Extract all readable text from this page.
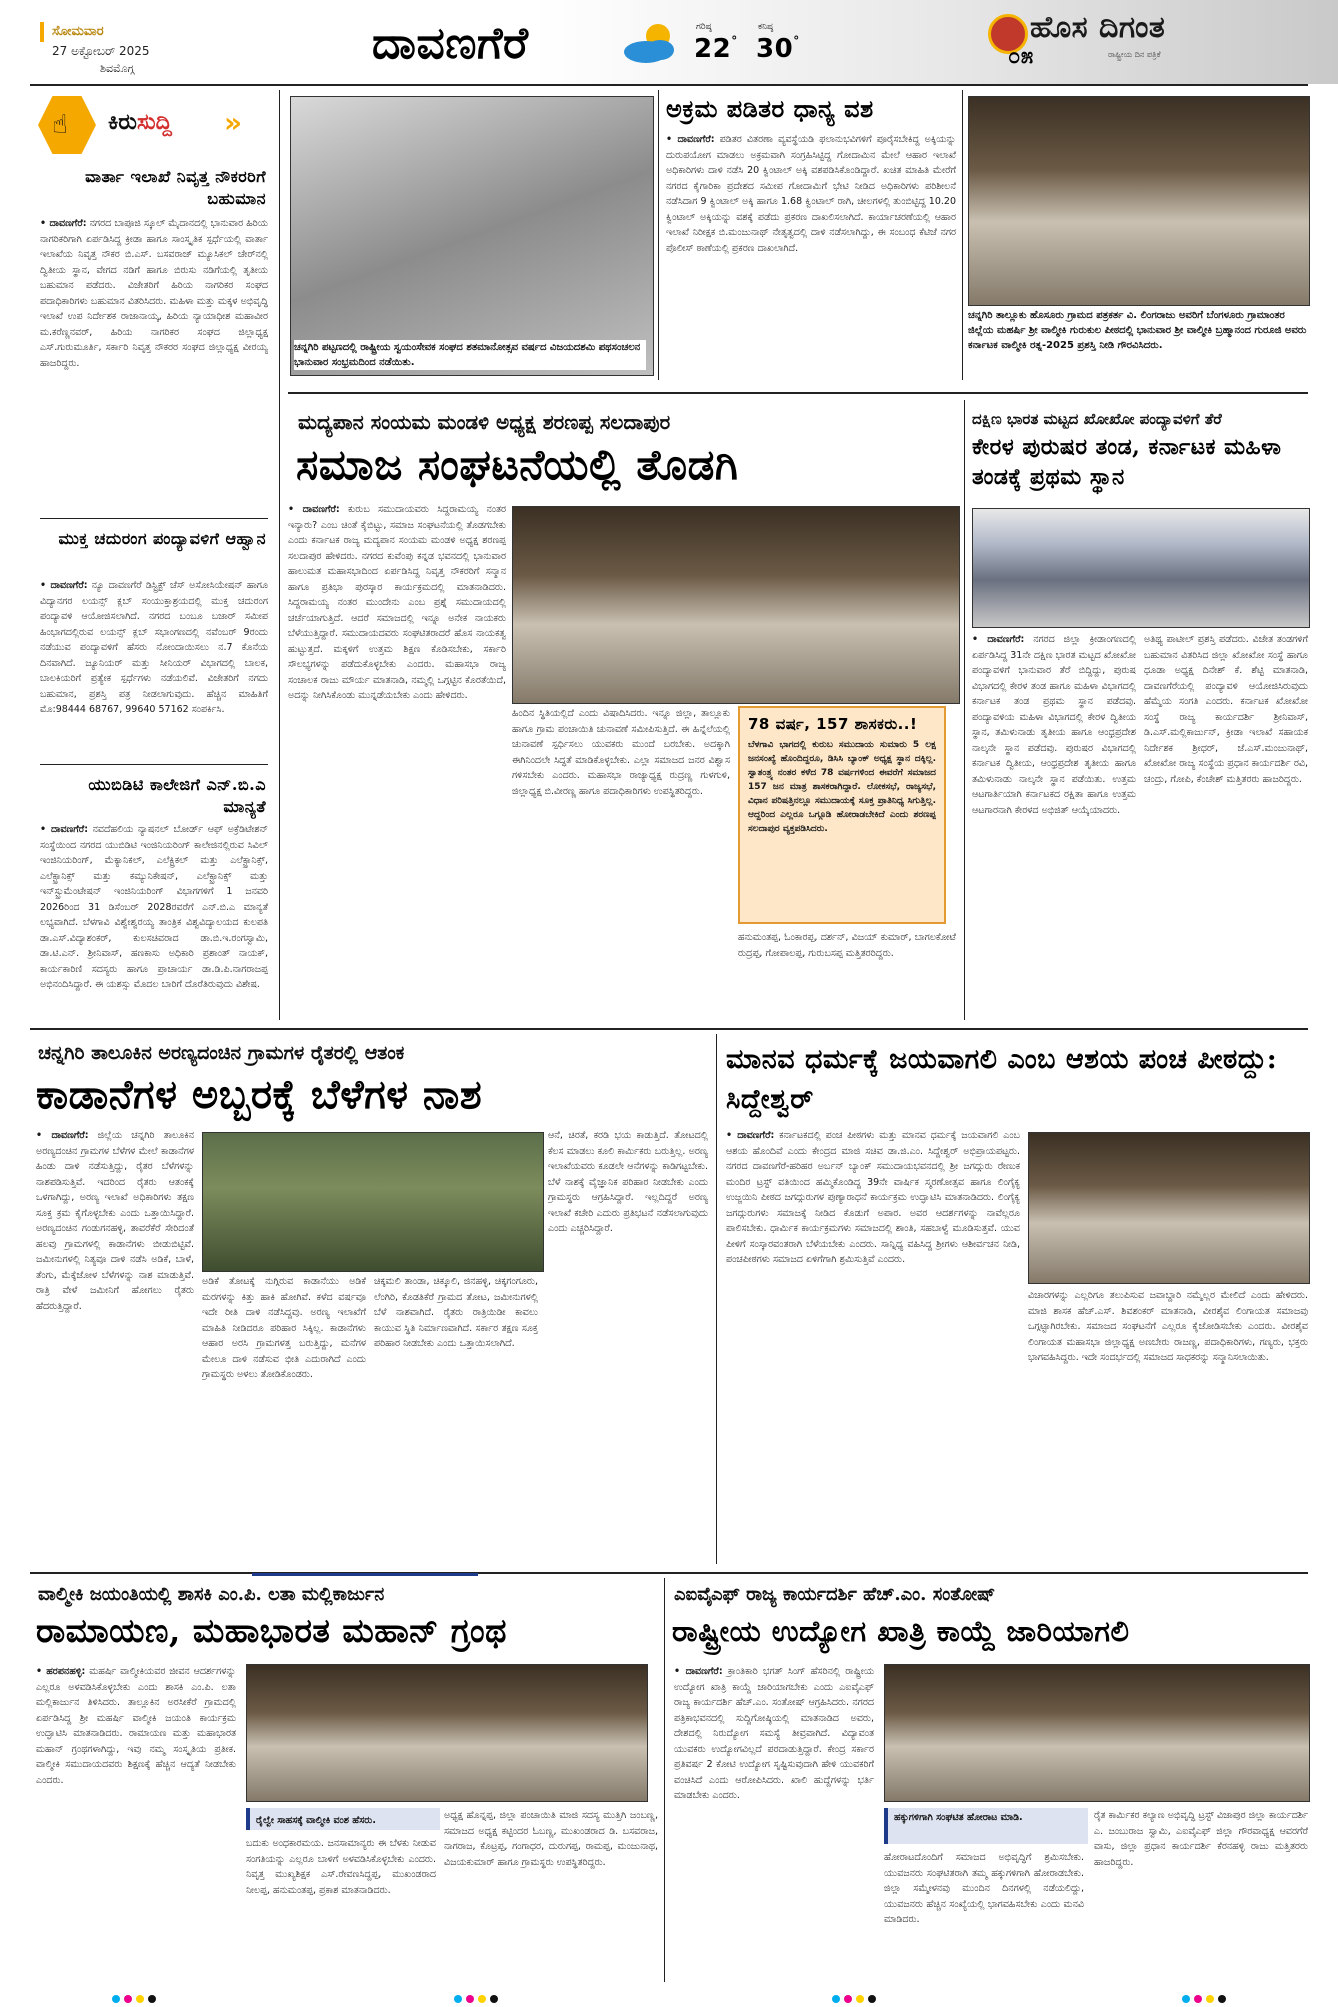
ಸೋಮವಾರ
27 ಅಕ್ಟೋಬರ್ 2025
ಶಿವಮೊಗ್ಗ	ದಾವಣಗೆರೆ	ಗರಿಷ್ಠ
22°
ಕನಿಷ್ಠ
30°	ಹೊಸ ದಿಗಂತ
ರಾಷ್ಟ್ರೀಯ ದಿನ ಪತ್ರಿಕೆ
೦೫
☝ ಕಿರುಸುದ್ದಿ »
ವಾರ್ತಾ ಇಲಾಖೆ ನಿವೃತ್ತ ನೌಕರರಿಗೆ ಬಹುಮಾನ
• ದಾವಣಗೆರೆ: ನಗರದ ಬಾಪೂಜಿ ಸ್ಕೂಲ್ ಮೈದಾನದಲ್ಲಿ ಭಾನುವಾರ ಹಿರಿಯ ನಾಗರಿಕರಿಗಾಗಿ ಏರ್ಪಡಿಸಿದ್ದ ಕ್ರೀಡಾ ಹಾಗೂ ಸಾಂಸ್ಕೃತಿಕ ಸ್ಪರ್ಧೆಯಲ್ಲಿ ವಾರ್ತಾ ಇಲಾಖೆಯ ನಿವೃತ್ತ ನೌಕರ ಬಿ.ಎಸ್. ಬಸವರಾಜ್ ಮ್ಯೂಸಿಕಲ್ ಚೇರ್‌ನಲ್ಲಿ ದ್ವಿತೀಯ ಸ್ಥಾನ, ವೇಗದ ನಡಿಗೆ ಹಾಗೂ ಬಿರುಸು ನಡಿಗೆಯಲ್ಲಿ ತೃತೀಯ ಬಹುಮಾನ ಪಡೆದರು. ವಿಜೇತರಿಗೆ ಹಿರಿಯ ನಾಗರಿಕರ ಸಂಘದ ಪದಾಧಿಕಾರಿಗಳು ಬಹುಮಾನ ವಿತರಿಸಿದರು. ಮಹಿಳಾ ಮತ್ತು ಮಕ್ಕಳ ಅಭಿವೃದ್ಧಿ ಇಲಾಖೆ ಉಪ ನಿರ್ದೇಶಕ ರಾಜಾನಾಯ್ಕ, ಹಿರಿಯ ನ್ಯಾಯಾಧೀಶ ಮಹಾವೀರ ಮ.ಕರೆಣ್ಣನವರ್, ಹಿರಿಯ ನಾಗರಿಕರ ಸಂಘದ ಜಿಲ್ಲಾಧ್ಯಕ್ಷ ಎಸ್.ಗುರುಮೂರ್ತಿ, ಸರ್ಕಾರಿ ನಿವೃತ್ತ ನೌಕರರ ಸಂಘದ ಜಿಲ್ಲಾಧ್ಯಕ್ಷ ವೀರಯ್ಯ ಹಾಜರಿದ್ದರು.
ಮುಕ್ತ ಚದುರಂಗ ಪಂದ್ಯಾವಳಿಗೆ ಆಹ್ವಾನ
• ದಾವಣಗೆರೆ: ನ್ಯೂ ದಾವಣಗೆರೆ ಡಿಸ್ಟ್ರಿಕ್ಟ್ ಚೆಸ್ ಅಸೋಸಿಯೇಷನ್ ಹಾಗೂ ವಿದ್ಯಾನಗರ ಲಯನ್ಸ್ ಕ್ಲಬ್ ಸಂಯುಕ್ತಾಶ್ರಯದಲ್ಲಿ ಮುಕ್ತ ಚದುರಂಗ ಪಂದ್ಯಾವಳಿ ಆಯೋಜಿಸಲಾಗಿದೆ. ನಗರದ ಬಂಬೂ ಬಜಾರ್ ಸಮೀಪ ಹಿಂಭಾಗದಲ್ಲಿರುವ ಲಯನ್ಸ್ ಕ್ಲಬ್ ಸಭಾಂಗಣದಲ್ಲಿ ನವೆಂಬರ್ 9ರಂದು ನಡೆಯುವ ಪಂದ್ಯಾವಳಿಗೆ ಹೆಸರು ನೋಂದಾಯಿಸಲು ನ.7 ಕೊನೆಯ ದಿನವಾಗಿದೆ. ಜ್ಯೂನಿಯರ್ ಮತ್ತು ಸೀನಿಯರ್ ವಿಭಾಗದಲ್ಲಿ ಬಾಲಕ, ಬಾಲಕಿಯರಿಗೆ ಪ್ರತ್ಯೇಕ ಸ್ಪರ್ಧೆಗಳು ನಡೆಯಲಿವೆ. ವಿಜೇತರಿಗೆ ನಗದು ಬಹುಮಾನ, ಪ್ರಶಸ್ತಿ ಪತ್ರ ನೀಡಲಾಗುವುದು. ಹೆಚ್ಚಿನ ಮಾಹಿತಿಗೆ ಮೊ:98444 68767, 99640 57162 ಸಂಪರ್ಕಿಸಿ.
ಯುಬಿಡಿಟಿ ಕಾಲೇಜಿಗೆ ಎನ್.ಬಿ.ಎ ಮಾನ್ಯತೆ
• ದಾವಣಗೆರೆ: ನವದೆಹಲಿಯ ನ್ಯಾಷನಲ್ ಬೋರ್ಡ್ ಆಫ್ ಅಕ್ರೆಡಿಟೇಶನ್ ಸಂಸ್ಥೆಯಿಂದ ನಗರದ ಯುಬಿಡಿಟಿ ಇಂಜಿನಿಯರಿಂಗ್ ಕಾಲೇಜಿನಲ್ಲಿರುವ ಸಿವಿಲ್ ಇಂಜಿನಿಯರಿಂಗ್, ಮೆಕ್ಯಾನಿಕಲ್, ಎಲೆಕ್ಟ್ರಿಕಲ್ ಮತ್ತು ಎಲೆಕ್ಟ್ರಾನಿಕ್ಸ್, ಎಲೆಕ್ಟ್ರಾನಿಕ್ಸ್ ಮತ್ತು ಕಮ್ಯುನಿಕೇಷನ್, ಎಲೆಕ್ಟ್ರಾನಿಕ್ಸ್ ಮತ್ತು ಇನ್‌ಸ್ಟ್ರುಮೆಂಟೇಷನ್ ಇಂಜಿನಿಯರಿಂಗ್ ವಿಭಾಗಗಳಿಗೆ 1 ಜನವರಿ 2026ರಿಂದ 31 ಡಿಸೆಂಬರ್ 2028ರವರೆಗೆ ಎನ್.ಬಿ.ಎ ಮಾನ್ಯತೆ ಲಭ್ಯವಾಗಿದೆ. ಬೆಳಗಾವಿ ವಿಶ್ವೇಶ್ವರಯ್ಯ ತಾಂತ್ರಿಕ ವಿಶ್ವವಿದ್ಯಾಲಯದ ಕುಲಪತಿ ಡಾ.ಎಸ್.ವಿದ್ಯಾಶಂಕರ್, ಕುಲಸಚಿವರಾದ ಡಾ.ಬಿ.ಇ.ರಂಗಸ್ವಾಮಿ, ಡಾ.ಟಿ.ಎನ್. ಶ್ರೀನಿವಾಸ್, ಹಣಕಾಸು ಅಧಿಕಾರಿ ಪ್ರಶಾಂತ್ ನಾಯಕ್, ಕಾರ್ಯಕಾರಿಣಿ ಸದಸ್ಯರು ಹಾಗೂ ಪ್ರಾಚಾರ್ಯ ಡಾ.ಡಿ.ಪಿ.ನಾಗರಾಜಪ್ಪ ಅಭಿನಂದಿಸಿದ್ದಾರೆ. ಈ ಯಶಸ್ಸು ಮೊದಲ ಬಾರಿಗೆ ದೊರೆತಿರುವುದು ವಿಶೇಷ.
ಚನ್ನಗಿರಿ ಪಟ್ಟಣದಲ್ಲಿ ರಾಷ್ಟ್ರೀಯ ಸ್ವಯಂಸೇವಕ ಸಂಘದ ಶತಮಾನೋತ್ಸವ ವರ್ಷದ ವಿಜಯದಶಮಿ ಪಥಸಂಚಲನ ಭಾನುವಾರ ಸಂಭ್ರಮದಿಂದ ನಡೆಯಿತು.
ಅಕ್ರಮ ಪಡಿತರ ಧಾನ್ಯ ವಶ
• ದಾವಣಗೆರೆ: ಪಡಿತರ ವಿತರಣಾ ವ್ಯವಸ್ಥೆಯಡಿ ಫಲಾನುಭವಿಗಳಿಗೆ ಪೂರೈಸಬೇಕಿದ್ದ ಅಕ್ಕಿಯನ್ನು ದುರುಪಯೋಗ ಮಾಡಲು ಅಕ್ರಮವಾಗಿ ಸಂಗ್ರಹಿಸಿಟ್ಟಿದ್ದ ಗೋದಾಮಿನ ಮೇಲೆ ಆಹಾರ ಇಲಾಖೆ ಅಧಿಕಾರಿಗಳು ದಾಳಿ ನಡೆಸಿ 20 ಕ್ವಿಂಟಾಲ್ ಅಕ್ಕಿ ವಶಪಡಿಸಿಕೊಂಡಿದ್ದಾರೆ. ಖಚಿತ ಮಾಹಿತಿ ಮೇರೆಗೆ ನಗರದ ಕೈಗಾರಿಕಾ ಪ್ರದೇಶದ ಸಮೀಪ ಗೋದಾಮಿಗೆ ಭೇಟಿ ನೀಡಿದ ಅಧಿಕಾರಿಗಳು ಪರಿಶೀಲನೆ ನಡೆಸಿದಾಗ 9 ಕ್ವಿಂಟಾಲ್ ಅಕ್ಕಿ ಹಾಗೂ 1.68 ಕ್ವಿಂಟಾಲ್ ರಾಗಿ, ಚೀಲಗಳಲ್ಲಿ ತುಂಬಿಟ್ಟಿದ್ದ 10.20 ಕ್ವಿಂಟಾಲ್ ಅಕ್ಕಿಯನ್ನು ವಶಕ್ಕೆ ಪಡೆದು ಪ್ರಕರಣ ದಾಖಲಿಸಲಾಗಿದೆ. ಕಾರ್ಯಾಚರಣೆಯಲ್ಲಿ ಆಹಾರ ಇಲಾಖೆ ನಿರೀಕ್ಷಕ ಬಿ.ಮಂಜುನಾಥ್ ನೇತೃತ್ವದಲ್ಲಿ ದಾಳಿ ನಡೆಸಲಾಗಿದ್ದು, ಈ ಸಂಬಂಧ ಕೆಟಿಜೆ ನಗರ ಪೊಲೀಸ್ ಠಾಣೆಯಲ್ಲಿ ಪ್ರಕರಣ ದಾಖಲಾಗಿದೆ.
ಚನ್ನಗಿರಿ ತಾಲ್ಲೂಕು ಹೊಸೂರು ಗ್ರಾಮದ ಪತ್ರಕರ್ತ ವಿ. ಲಿಂಗರಾಜು ಅವರಿಗೆ ಬೆಂಗಳೂರು ಗ್ರಾಮಾಂತರ ಜಿಲ್ಲೆಯ ಮಹರ್ಷಿ ಶ್ರೀ ವಾಲ್ಮೀಕಿ ಗುರುಕುಲ ಪೀಠದಲ್ಲಿ ಭಾನುವಾರ ಶ್ರೀ ವಾಲ್ಮೀಕಿ ಬ್ರಹ್ಮಾನಂದ ಗುರೂಜಿ ಅವರು ಕರ್ನಾಟಕ ವಾಲ್ಮೀಕಿ ರತ್ನ-2025 ಪ್ರಶಸ್ತಿ ನೀಡಿ ಗೌರವಿಸಿದರು.
ಮದ್ಯಪಾನ ಸಂಯಮ ಮಂಡಳಿ ಅಧ್ಯಕ್ಷ ಶರಣಪ್ಪ ಸಲದಾಪುರ
ಸಮಾಜ ಸಂಘಟನೆಯಲ್ಲಿ ತೊಡಗಿ
• ದಾವಣಗೆರೆ: ಕುರುಬ ಸಮುದಾಯವರು ಸಿದ್ದರಾಮಯ್ಯ ನಂತರ ಇನ್ಯಾರು? ಎಂಬ ಚಿಂತೆ ಕೈಬಿಟ್ಟು, ಸಮಾಜ ಸಂಘಟನೆಯಲ್ಲಿ ತೊಡಗಬೇಕು ಎಂದು ಕರ್ನಾಟಕ ರಾಜ್ಯ ಮದ್ಯಪಾನ ಸಂಯಮ ಮಂಡಳಿ ಅಧ್ಯಕ್ಷ ಶರಣಪ್ಪ ಸಲದಾಪುರ ಹೇಳಿದರು. ನಗರದ ಕುವೆಂಪು ಕನ್ನಡ ಭವನದಲ್ಲಿ ಭಾನುವಾರ ಹಾಲುಮತ ಮಹಾಸಭಾದಿಂದ ಏರ್ಪಡಿಸಿದ್ದ ನಿವೃತ್ತ ನೌಕರರಿಗೆ ಸನ್ಮಾನ ಹಾಗೂ ಪ್ರತಿಭಾ ಪುರಸ್ಕಾರ ಕಾರ್ಯಕ್ರಮದಲ್ಲಿ ಮಾತನಾಡಿದರು. ಸಿದ್ದರಾಮಯ್ಯ ನಂತರ ಮುಂದೇನು ಎಂಬ ಪ್ರಶ್ನೆ ಸಮುದಾಯದಲ್ಲಿ ಚರ್ಚೆಯಾಗುತ್ತಿದೆ. ಆದರೆ ಸಮಾಜದಲ್ಲಿ ಇನ್ನೂ ಅನೇಕ ನಾಯಕರು ಬೆಳೆಯುತ್ತಿದ್ದಾರೆ. ಸಮುದಾಯದವರು ಸಂಘಟಿತರಾದರೆ ಹೊಸ ನಾಯಕತ್ವ ಹುಟ್ಟುತ್ತದೆ. ಮಕ್ಕಳಿಗೆ ಉತ್ತಮ ಶಿಕ್ಷಣ ಕೊಡಿಸಬೇಕು, ಸರ್ಕಾರಿ ಸೌಲಭ್ಯಗಳನ್ನು ಪಡೆದುಕೊಳ್ಳಬೇಕು ಎಂದರು. ಮಹಾಸಭಾ ರಾಜ್ಯ ಸಂಚಾಲಕ ರಾಜು ಮೌರ್ಯ ಮಾತನಾಡಿ, ನಮ್ಮಲ್ಲಿ ಒಗ್ಗಟ್ಟಿನ ಕೊರತೆಯಿದೆ, ಅದನ್ನು ನೀಗಿಸಿಕೊಂಡು ಮುನ್ನಡೆಯಬೇಕು ಎಂದು ಹೇಳಿದರು.
ಹಿಂದಿನ ಸ್ಥಿತಿಯಲ್ಲಿದೆ ಎಂದು ವಿಷಾದಿಸಿದರು. ಇನ್ನೂ ಜಿಲ್ಲಾ, ತಾಲ್ಲೂಕು ಹಾಗೂ ಗ್ರಾಮ ಪಂಚಾಯಿತಿ ಚುನಾವಣೆ ಸಮೀಪಿಸುತ್ತಿದೆ. ಈ ಹಿನ್ನೆಲೆಯಲ್ಲಿ ಚುನಾವಣೆ ಸ್ಪರ್ಧಿಸಲು ಯುವಕರು ಮುಂದೆ ಬರಬೇಕು. ಅದಕ್ಕಾಗಿ ಈಗಿನಿಂದಲೇ ಸಿದ್ಧತೆ ಮಾಡಿಕೊಳ್ಳಬೇಕು. ಎಲ್ಲಾ ಸಮಾಜದ ಜನರ ವಿಶ್ವಾಸ ಗಳಿಸಬೇಕು ಎಂದರು. ಮಹಾಸಭಾ ರಾಜ್ಯಾಧ್ಯಕ್ಷ ರುದ್ರಣ್ಣ ಗುಳಗುಳಿ, ಜಿಲ್ಲಾಧ್ಯಕ್ಷ ಬಿ.ವೀರಣ್ಣ ಹಾಗೂ ಪದಾಧಿಕಾರಿಗಳು ಉಪಸ್ಥಿತರಿದ್ದರು.
78 ವರ್ಷ, 157 ಶಾಸಕರು..!
ಬೆಳಗಾವಿ ಭಾಗದಲ್ಲಿ ಕುರುಬ ಸಮುದಾಯ ಸುಮಾರು 5 ಲಕ್ಷ ಜನಸಂಖ್ಯೆ ಹೊಂದಿದ್ದರೂ, ಡಿಸಿಸಿ ಬ್ಯಾಂಕ್ ಅಧ್ಯಕ್ಷ ಸ್ಥಾನ ದಕ್ಕಿಲ್ಲ. ಸ್ವಾತಂತ್ರ್ಯ ನಂತರ ಕಳೆದ 78 ವರ್ಷಗಳಿಂದ ಈವರೆಗೆ ಸಮಾಜದ 157 ಜನ ಮಾತ್ರ ಶಾಸಕರಾಗಿದ್ದಾರೆ. ಲೋಕಸಭೆ, ರಾಜ್ಯಸಭೆ, ವಿಧಾನ ಪರಿಷತ್ತಿನಲ್ಲೂ ಸಮುದಾಯಕ್ಕೆ ಸೂಕ್ತ ಪ್ರಾತಿನಿಧ್ಯ ಸಿಗುತ್ತಿಲ್ಲ. ಆದ್ದರಿಂದ ಎಲ್ಲರೂ ಒಗ್ಗೂಡಿ ಹೋರಾಡಬೇಕಿದೆ ಎಂದು ಶರಣಪ್ಪ ಸಲದಾಪುರ ವ್ಯಕ್ತಪಡಿಸಿದರು.
ಹನುಮಂತಪ್ಪ, ಓಂಕಾರಪ್ಪ, ದರ್ಶನ್, ವಿಜಯ್ ಕುಮಾರ್, ಬಾಗಲಕೋಟೆ ರುದ್ರಪ್ಪ, ಗೋಪಾಲಪ್ಪ, ಗುರುಬಸಪ್ಪ ಮತ್ತಿತರರಿದ್ದರು.
ದಕ್ಷಿಣ ಭಾರತ ಮಟ್ಟದ ಖೋಖೋ ಪಂದ್ಯಾವಳಿಗೆ ತೆರೆ
ಕೇರಳ ಪುರುಷರ ತಂಡ, ಕರ್ನಾಟಕ ಮಹಿಳಾ ತಂಡಕ್ಕೆ ಪ್ರಥಮ ಸ್ಥಾನ
• ದಾವಣಗೆರೆ: ನಗರದ ಜಿಲ್ಲಾ ಕ್ರೀಡಾಂಗಣದಲ್ಲಿ ಏರ್ಪಡಿಸಿದ್ದ 31ನೇ ದಕ್ಷಿಣ ಭಾರತ ಮಟ್ಟದ ಖೋಖೋ ಪಂದ್ಯಾವಳಿಗೆ ಭಾನುವಾರ ತೆರೆ ಬಿದ್ದಿದ್ದು, ಪುರುಷ ವಿಭಾಗದಲ್ಲಿ ಕೇರಳ ತಂಡ ಹಾಗೂ ಮಹಿಳಾ ವಿಭಾಗದಲ್ಲಿ ಕರ್ನಾಟಕ ತಂಡ ಪ್ರಥಮ ಸ್ಥಾನ ಪಡೆದವು. ಪಂದ್ಯಾವಳಿಯ ಮಹಿಳಾ ವಿಭಾಗದಲ್ಲಿ ಕೇರಳ ದ್ವಿತೀಯ ಸ್ಥಾನ, ತಮಿಳುನಾಡು ತೃತೀಯ ಹಾಗೂ ಆಂಧ್ರಪ್ರದೇಶ ನಾಲ್ಕನೇ ಸ್ಥಾನ ಪಡೆದವು. ಪುರುಷರ ವಿಭಾಗದಲ್ಲಿ ಕರ್ನಾಟಕ ದ್ವಿತೀಯ, ಆಂಧ್ರಪ್ರದೇಶ ತೃತೀಯ ಹಾಗೂ ತಮಿಳುನಾಡು ನಾಲ್ಕನೇ ಸ್ಥಾನ ಪಡೆಯಿತು. ಉತ್ತಮ ಆಟಗಾರ್ತಿಯಾಗಿ ಕರ್ನಾಟಕದ ರಕ್ಷಿತಾ ಹಾಗೂ ಉತ್ತಮ ಆಟಗಾರನಾಗಿ ಕೇರಳದ ಅಭಿಜಿತ್ ಆಯ್ಕೆಯಾದರು.
ಅತಿಥ್ಯ ಪಾಟೀಲ್ ಪ್ರಶಸ್ತಿ ಪಡೆದರು. ವಿಜೇತ ತಂಡಗಳಿಗೆ ಬಹುಮಾನ ವಿತರಿಸಿದ ಜಿಲ್ಲಾ ಖೋಖೋ ಸಂಸ್ಥೆ ಹಾಗೂ ಧೂಡಾ ಅಧ್ಯಕ್ಷ ದಿನೇಶ್ ಕೆ. ಶೆಟ್ಟಿ ಮಾತನಾಡಿ, ದಾವಣಗೆರೆಯಲ್ಲಿ ಪಂದ್ಯಾವಳಿ ಆಯೋಜಿಸಿರುವುದು ಹೆಮ್ಮೆಯ ಸಂಗತಿ ಎಂದರು. ಕರ್ನಾಟಕ ಖೋಖೋ ಸಂಸ್ಥೆ ರಾಜ್ಯ ಕಾರ್ಯದರ್ಶಿ ಶ್ರೀನಿವಾಸ್, ಡಿ.ಎಸ್.ಮಲ್ಲಿಕಾರ್ಜುನ್, ಕ್ರೀಡಾ ಇಲಾಖೆ ಸಹಾಯಕ ನಿರ್ದೇಶಕ ಶ್ರೀಧರ್, ಜೆ.ಎಸ್.ಮಂಜುನಾಥ್, ಖೋಖೋ ರಾಜ್ಯ ಸಂಸ್ಥೆಯ ಪ್ರಧಾನ ಕಾರ್ಯದರ್ಶಿ ರವಿ, ಚಂದ್ರು, ಗೋಪಿ, ಕೆಂಚೇಶ್ ಮತ್ತಿತರರು ಹಾಜರಿದ್ದರು.
ಚನ್ನಗಿರಿ ತಾಲೂಕಿನ ಅರಣ್ಯದಂಚಿನ ಗ್ರಾಮಗಳ ರೈತರಲ್ಲಿ ಆತಂಕ
ಕಾಡಾನೆಗಳ ಅಬ್ಬರಕ್ಕೆ ಬೆಳೆಗಳ ನಾಶ
• ದಾವಣಗೆರೆ: ಜಿಲ್ಲೆಯ ಚನ್ನಗಿರಿ ತಾಲೂಕಿನ ಅರಣ್ಯದಂಚಿನ ಗ್ರಾಮಗಳ ಬೆಳೆಗಳ ಮೇಲೆ ಕಾಡಾನೆಗಳ ಹಿಂಡು ದಾಳಿ ನಡೆಸುತ್ತಿದ್ದು, ರೈತರ ಬೆಳೆಗಳನ್ನು ನಾಶಪಡಿಸುತ್ತಿವೆ. ಇದರಿಂದ ರೈತರು ಆತಂಕಕ್ಕೆ ಒಳಗಾಗಿದ್ದು, ಅರಣ್ಯ ಇಲಾಖೆ ಅಧಿಕಾರಿಗಳು ತಕ್ಷಣ ಸೂಕ್ತ ಕ್ರಮ ಕೈಗೊಳ್ಳಬೇಕು ಎಂದು ಒತ್ತಾಯಿಸಿದ್ದಾರೆ. ಅರಣ್ಯದಂಚಿನ ಗಂಡುಗನಹಳ್ಳಿ, ತಾವರೆಕೆರೆ ಸೇರಿದಂತೆ ಹಲವು ಗ್ರಾಮಗಳಲ್ಲಿ ಕಾಡಾನೆಗಳು ಬೀಡುಬಿಟ್ಟಿವೆ. ಜಮೀನುಗಳಲ್ಲಿ ನಿತ್ಯವೂ ದಾಳಿ ನಡೆಸಿ ಅಡಿಕೆ, ಬಾಳೆ, ತೆಂಗು, ಮೆಕ್ಕೆಜೋಳ ಬೆಳೆಗಳನ್ನು ನಾಶ ಮಾಡುತ್ತಿವೆ. ರಾತ್ರಿ ವೇಳೆ ಜಮೀನಿಗೆ ಹೋಗಲು ರೈತರು ಹೆದರುತ್ತಿದ್ದಾರೆ.
ಅಡಿಕೆ ತೋಟಕ್ಕೆ ನುಗ್ಗಿರುವ ಕಾಡಾನೆಯು ಅಡಿಕೆ ಮರಗಳನ್ನು ಕಿತ್ತು ಹಾಕಿ ಹೋಗಿವೆ. ಕಳೆದ ವರ್ಷವೂ ಇದೇ ರೀತಿ ದಾಳಿ ನಡೆಸಿದ್ದವು. ಅರಣ್ಯ ಇಲಾಖೆಗೆ ಮಾಹಿತಿ ನೀಡಿದರೂ ಪರಿಹಾರ ಸಿಕ್ಕಿಲ್ಲ. ಕಾಡಾನೆಗಳು ಆಹಾರ ಅರಸಿ ಗ್ರಾಮಗಳತ್ತ ಬರುತ್ತಿದ್ದು, ಮನೆಗಳ ಮೇಲೂ ದಾಳಿ ನಡೆಸುವ ಭೀತಿ ಎದುರಾಗಿದೆ ಎಂದು ಗ್ರಾಮಸ್ಥರು ಅಳಲು ತೋಡಿಕೊಂಡರು.
ಚಿಕ್ಕಮಲಿ ತಾಂಡಾ, ಚಿಕ್ಕೂಲಿ, ಜಿನಹಳ್ಳಿ, ಚಿಕ್ಕಗಂಗೂರು, ಲೆಂಗಿರಿ, ಕೊಡತಿಕೆರೆ ಗ್ರಾಮದ ತೋಟ, ಜಮೀನುಗಳಲ್ಲಿ ಬೆಳೆ ನಾಶವಾಗಿದೆ. ರೈತರು ರಾತ್ರಿಯಿಡೀ ಕಾವಲು ಕಾಯುವ ಸ್ಥಿತಿ ನಿರ್ಮಾಣವಾಗಿದೆ. ಸರ್ಕಾರ ತಕ್ಷಣ ಸೂಕ್ತ ಪರಿಹಾರ ನೀಡಬೇಕು ಎಂದು ಒತ್ತಾಯಿಸಲಾಗಿದೆ.
ಆನೆ, ಚಿರತೆ, ಕರಡಿ ಭಯ ಕಾಡುತ್ತಿದೆ. ತೋಟದಲ್ಲಿ ಕೆಲಸ ಮಾಡಲು ಕೂಲಿ ಕಾರ್ಮಿಕರು ಬರುತ್ತಿಲ್ಲ. ಅರಣ್ಯ ಇಲಾಖೆಯವರು ಕೂಡಲೇ ಆನೆಗಳನ್ನು ಕಾಡಿಗಟ್ಟಬೇಕು. ಬೆಳೆ ನಾಶಕ್ಕೆ ವೈಜ್ಞಾನಿಕ ಪರಿಹಾರ ನೀಡಬೇಕು ಎಂದು ಗ್ರಾಮಸ್ಥರು ಆಗ್ರಹಿಸಿದ್ದಾರೆ. ಇಲ್ಲದಿದ್ದರೆ ಅರಣ್ಯ ಇಲಾಖೆ ಕಚೇರಿ ಎದುರು ಪ್ರತಿಭಟನೆ ನಡೆಸಲಾಗುವುದು ಎಂದು ಎಚ್ಚರಿಸಿದ್ದಾರೆ.
ಮಾನವ ಧರ್ಮಕ್ಕೆ ಜಯವಾಗಲಿ ಎಂಬ ಆಶಯ ಪಂಚ ಪೀಠದ್ದು: ಸಿದ್ದೇಶ್ವರ್
• ದಾವಣಗೆರೆ: ಕರ್ನಾಟಕದಲ್ಲಿ ಪಂಚ ಪೀಠಗಳು ಮತ್ತು ಮಾನವ ಧರ್ಮಕ್ಕೆ ಜಯವಾಗಲಿ ಎಂಬ ಆಶಯ ಹೊಂದಿವೆ ಎಂದು ಕೇಂದ್ರದ ಮಾಜಿ ಸಚಿವ ಡಾ.ಜಿ.ಎಂ. ಸಿದ್ದೇಶ್ವರ್ ಅಭಿಪ್ರಾಯಪಟ್ಟರು. ನಗರದ ದಾವಣಗೆರೆ-ಹರಿಹರ ಅರ್ಬನ್ ಬ್ಯಾಂಕ್ ಸಮುದಾಯಭವನದಲ್ಲಿ ಶ್ರೀ ಜಗದ್ಗುರು ರೇಣುಕ ಮಂದಿರ ಟ್ರಸ್ಟ್ ವತಿಯಿಂದ ಹಮ್ಮಿಕೊಂಡಿದ್ದ 39ನೇ ವಾರ್ಷಿಕ ಸ್ಮರಣೋತ್ಸವ ಹಾಗೂ ಲಿಂಗೈಕ್ಯ ಉಜ್ಜಯಿನಿ ಪೀಠದ ಜಗದ್ಗುರುಗಳ ಪುಣ್ಯಾರಾಧನೆ ಕಾರ್ಯಕ್ರಮ ಉದ್ಘಾಟಿಸಿ ಮಾತನಾಡಿದರು. ಲಿಂಗೈಕ್ಯ ಜಗದ್ಗುರುಗಳು ಸಮಾಜಕ್ಕೆ ನೀಡಿದ ಕೊಡುಗೆ ಅಪಾರ. ಅವರ ಆದರ್ಶಗಳನ್ನು ನಾವೆಲ್ಲರೂ ಪಾಲಿಸಬೇಕು. ಧಾರ್ಮಿಕ ಕಾರ್ಯಕ್ರಮಗಳು ಸಮಾಜದಲ್ಲಿ ಶಾಂತಿ, ಸಹಬಾಳ್ವೆ ಮೂಡಿಸುತ್ತವೆ. ಯುವ ಪೀಳಿಗೆ ಸಂಸ್ಕಾರವಂತರಾಗಿ ಬೆಳೆಯಬೇಕು ಎಂದರು. ಸಾನ್ನಿಧ್ಯ ವಹಿಸಿದ್ದ ಶ್ರೀಗಳು ಆಶೀರ್ವಚನ ನೀಡಿ, ಪಂಚಪೀಠಗಳು ಸಮಾಜದ ಏಳಿಗೆಗಾಗಿ ಶ್ರಮಿಸುತ್ತಿವೆ ಎಂದರು.
ವಿಚಾರಗಳನ್ನು ಎಲ್ಲರಿಗೂ ತಲುಪಿಸುವ ಜವಾಬ್ದಾರಿ ನಮ್ಮೆಲ್ಲರ ಮೇಲಿದೆ ಎಂದು ಹೇಳಿದರು. ಮಾಜಿ ಶಾಸಕ ಹೆಚ್.ಎಸ್. ಶಿವಶಂಕರ್ ಮಾತನಾಡಿ, ವೀರಶೈವ ಲಿಂಗಾಯತ ಸಮಾಜವು ಒಗ್ಗಟ್ಟಾಗಿರಬೇಕು. ಸಮಾಜದ ಸಂಘಟನೆಗೆ ಎಲ್ಲರೂ ಕೈಜೋಡಿಸಬೇಕು ಎಂದರು. ವೀರಶೈವ ಲಿಂಗಾಯತ ಮಹಾಸಭಾ ಜಿಲ್ಲಾಧ್ಯಕ್ಷ ಅಣಬೇರು ರಾಜಣ್ಣ, ಪದಾಧಿಕಾರಿಗಳು, ಗಣ್ಯರು, ಭಕ್ತರು ಭಾಗವಹಿಸಿದ್ದರು. ಇದೇ ಸಂದರ್ಭದಲ್ಲಿ ಸಮಾಜದ ಸಾಧಕರನ್ನು ಸನ್ಮಾನಿಸಲಾಯಿತು.
ವಾಲ್ಮೀಕಿ ಜಯಂತಿಯಲ್ಲಿ ಶಾಸಕಿ ಎಂ.ಪಿ. ಲತಾ ಮಲ್ಲಿಕಾರ್ಜುನ
ರಾಮಾಯಣ, ಮಹಾಭಾರತ ಮಹಾನ್ ಗ್ರಂಥ
• ಹರಪನಹಳ್ಳಿ: ಮಹರ್ಷಿ ವಾಲ್ಮೀಕಿಯವರ ಜೀವನ ಆದರ್ಶಗಳನ್ನು ಎಲ್ಲರೂ ಅಳವಡಿಸಿಕೊಳ್ಳಬೇಕು ಎಂದು ಶಾಸಕಿ ಎಂ.ಪಿ. ಲತಾ ಮಲ್ಲಿಕಾರ್ಜುನ ತಿಳಿಸಿದರು. ತಾಲ್ಲೂಕಿನ ಅರಸೀಕೆರೆ ಗ್ರಾಮದಲ್ಲಿ ಏರ್ಪಡಿಸಿದ್ದ ಶ್ರೀ ಮಹರ್ಷಿ ವಾಲ್ಮೀಕಿ ಜಯಂತಿ ಕಾರ್ಯಕ್ರಮ ಉದ್ಘಾಟಿಸಿ ಮಾತನಾಡಿದರು. ರಾಮಾಯಣ ಮತ್ತು ಮಹಾಭಾರತ ಮಹಾನ್ ಗ್ರಂಥಗಳಾಗಿದ್ದು, ಇವು ನಮ್ಮ ಸಂಸ್ಕೃತಿಯ ಪ್ರತೀಕ. ವಾಲ್ಮೀಕಿ ಸಮುದಾಯದವರು ಶಿಕ್ಷಣಕ್ಕೆ ಹೆಚ್ಚಿನ ಆದ್ಯತೆ ನೀಡಬೇಕು ಎಂದರು.
ರೈಲ್ವೇ ಸಾಹಸಕ್ಕೆ ವಾಲ್ಮೀಕಿ ವಂಶ ಹೆಸರು.
ಬದುಕು ಅಂಧಕಾರಮಯ. ಜನಸಾಮಾನ್ಯರು ಈ ಬೆಳಕು ನೀಡುವ ಸಂಗತಿಯನ್ನು ಎಲ್ಲರೂ ಬಾಳಿಗೆ ಅಳವಡಿಸಿಕೊಳ್ಳಬೇಕು ಎಂದರು. ನಿವೃತ್ತ ಮುಖ್ಯಶಿಕ್ಷಕ ಎಸ್.ರೇವಣಸಿದ್ದಪ್ಪ, ಮುಖಂಡರಾದ ನೀಲಪ್ಪ, ಹನುಮಂತಪ್ಪ, ಪ್ರಕಾಶ ಮಾತನಾಡಿದರು.
ಅಧ್ಯಕ್ಷ ಹೊನ್ನಪ್ಪ, ಜಿಲ್ಲಾ ಪಂಚಾಯಿತಿ ಮಾಜಿ ಸದಸ್ಯ ಮುತ್ತಿಗಿ ಜಂಬಣ್ಣ, ಸಮಾಜದ ಅಧ್ಯಕ್ಷ ಕಟ್ಟಿಂದರ ಓಬಣ್ಣ, ಮುಖಂಡರಾದ ಡಿ. ಬಸವರಾಜ, ನಾಗರಾಜ, ಕೊಟ್ರಪ್ಪ, ಗಂಗಾಧರ, ದುರುಗಪ್ಪ, ರಾಮಪ್ಪ, ಮಂಜುನಾಥ, ವಿಜಯಕುಮಾರ್ ಹಾಗೂ ಗ್ರಾಮಸ್ಥರು ಉಪಸ್ಥಿತರಿದ್ದರು.
ಎಐವೈಎಫ್ ರಾಜ್ಯ ಕಾರ್ಯದರ್ಶಿ ಹೆಚ್.ಎಂ. ಸಂತೋಷ್
ರಾಷ್ಟ್ರೀಯ ಉದ್ಯೋಗ ಖಾತ್ರಿ ಕಾಯ್ದೆ ಜಾರಿಯಾಗಲಿ
• ದಾವಣಗೆರೆ: ಕ್ರಾಂತಿಕಾರಿ ಭಗತ್ ಸಿಂಗ್ ಹೆಸರಿನಲ್ಲಿ ರಾಷ್ಟ್ರೀಯ ಉದ್ಯೋಗ ಖಾತ್ರಿ ಕಾಯ್ದೆ ಜಾರಿಯಾಗಬೇಕು ಎಂದು ಎಐವೈಎಫ್ ರಾಜ್ಯ ಕಾರ್ಯದರ್ಶಿ ಹೆಚ್.ಎಂ. ಸಂತೋಷ್ ಆಗ್ರಹಿಸಿದರು. ನಗರದ ಪತ್ರಿಕಾಭವನದಲ್ಲಿ ಸುದ್ದಿಗೋಷ್ಠಿಯಲ್ಲಿ ಮಾತನಾಡಿದ ಅವರು, ದೇಶದಲ್ಲಿ ನಿರುದ್ಯೋಗ ಸಮಸ್ಯೆ ತೀವ್ರವಾಗಿದೆ. ವಿದ್ಯಾವಂತ ಯುವಕರು ಉದ್ಯೋಗವಿಲ್ಲದೆ ಪರದಾಡುತ್ತಿದ್ದಾರೆ. ಕೇಂದ್ರ ಸರ್ಕಾರ ಪ್ರತಿವರ್ಷ 2 ಕೋಟಿ ಉದ್ಯೋಗ ಸೃಷ್ಟಿಸುವುದಾಗಿ ಹೇಳಿ ಯುವಕರಿಗೆ ವಂಚಿಸಿದೆ ಎಂದು ಆರೋಪಿಸಿದರು. ಖಾಲಿ ಹುದ್ದೆಗಳನ್ನು ಭರ್ತಿ ಮಾಡಬೇಕು ಎಂದರು.
ಹಕ್ಕುಗಳಿಗಾಗಿ ಸಂಘಟಿತ ಹೋರಾಟ ಮಾಡಿ.
ಹೋರಾಟದೊಂದಿಗೆ ಸಮಾಜದ ಅಭಿವೃದ್ಧಿಗೆ ಶ್ರಮಿಸಬೇಕು. ಯುವಜನರು ಸಂಘಟಿತರಾಗಿ ತಮ್ಮ ಹಕ್ಕುಗಳಿಗಾಗಿ ಹೋರಾಡಬೇಕು. ಜಿಲ್ಲಾ ಸಮ್ಮೇಳನವು ಮುಂದಿನ ದಿನಗಳಲ್ಲಿ ನಡೆಯಲಿದ್ದು, ಯುವಜನರು ಹೆಚ್ಚಿನ ಸಂಖ್ಯೆಯಲ್ಲಿ ಭಾಗವಹಿಸಬೇಕು ಎಂದು ಮನವಿ ಮಾಡಿದರು.
ರೈತ ಕಾರ್ಮಿಕರ ಕಲ್ಯಾಣ ಅಭಿವೃದ್ಧಿ ಟ್ರಸ್ಟ್ ವಿಜಾಪುರ ಜಿಲ್ಲಾ ಕಾರ್ಯದರ್ಶಿ ಎ. ಜಂಬುರಾಜ ಸ್ವಾಮಿ, ಎಐವೈಎಫ್ ಜಿಲ್ಲಾ ಗೌರವಾಧ್ಯಕ್ಷ ಆವರಗೆರೆ ವಾಸು, ಜಿಲ್ಲಾ ಪ್ರಧಾನ ಕಾರ್ಯದರ್ಶಿ ಕೆರನಹಳ್ಳಿ ರಾಜು ಮತ್ತಿತರರು ಹಾಜರಿದ್ದರು.
